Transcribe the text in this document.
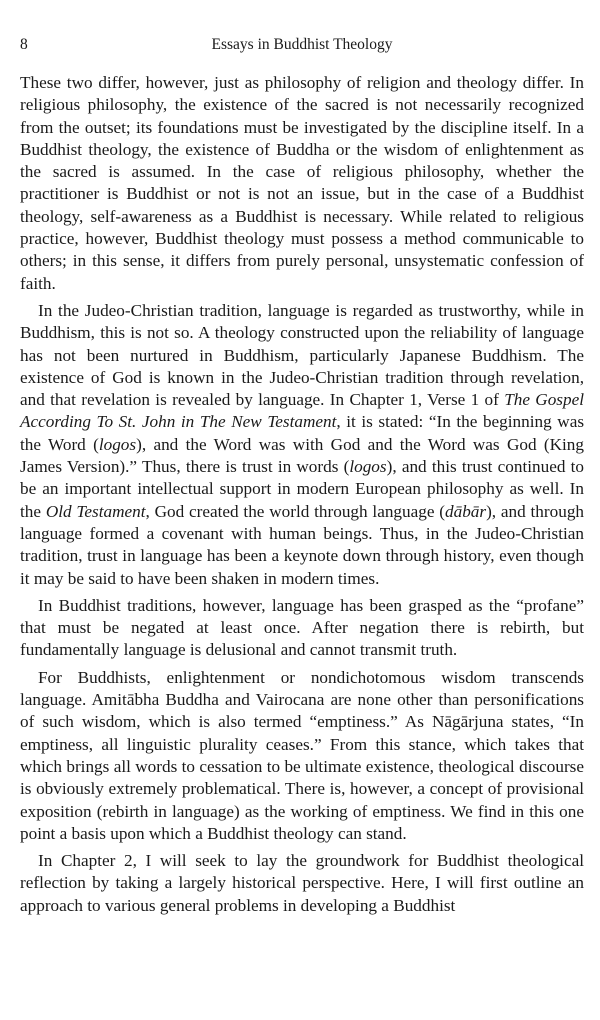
8	Essays in Buddhist Theology

These two differ, however, just as philosophy of religion and theology differ. In religious philosophy, the existence of the sacred is not necessarily recognized from the outset; its foundations must be investigated by the discipline itself. In a Buddhist theology, the existence of Buddha or the wisdom of enlightenment as the sacred is assumed. In the case of religious philosophy, whether the practitioner is Buddhist or not is not an issue, but in the case of a Buddhist theology, self-awareness as a Buddhist is necessary. While related to religious practice, however, Buddhist theology must possess a method communicable to others; in this sense, it differs from purely personal, unsystematic confession of faith.

In the Judeo-Christian tradition, language is regarded as trustworthy, while in Buddhism, this is not so. A theology constructed upon the reliability of language has not been nurtured in Buddhism, particularly Japanese Buddhism. The existence of God is known in the Judeo-Christian tradition through revelation, and that revelation is revealed by language. In Chapter 1, Verse 1 of The Gospel According To St. John in The New Testament, it is stated: “In the beginning was the Word (logos), and the Word was with God and the Word was God (King James Version).” Thus, there is trust in words (logos), and this trust continued to be an important intellectual support in modern European philosophy as well. In the Old Testament, God created the world through language (dābār), and through language formed a covenant with human beings. Thus, in the Judeo-Christian tradition, trust in language has been a keynote down through history, even though it may be said to have been shaken in modern times.

In Buddhist traditions, however, language has been grasped as the “profane” that must be negated at least once. After negation there is rebirth, but fundamentally language is delusional and cannot transmit truth.

For Buddhists, enlightenment or nondichotomous wisdom transcends language. Amitābha Buddha and Vairocana are none other than personifications of such wisdom, which is also termed “emptiness.” As Nāgārjuna states, “In emptiness, all linguistic plurality ceases.” From this stance, which takes that which brings all words to cessation to be ultimate existence, theological discourse is obviously extremely problematical. There is, however, a concept of provisional exposition (rebirth in language) as the working of emptiness. We find in this one point a basis upon which a Buddhist theology can stand.

In Chapter 2, I will seek to lay the groundwork for Buddhist theological reflection by taking a largely historical perspective. Here, I will first outline an approach to various general problems in developing a Buddhist
